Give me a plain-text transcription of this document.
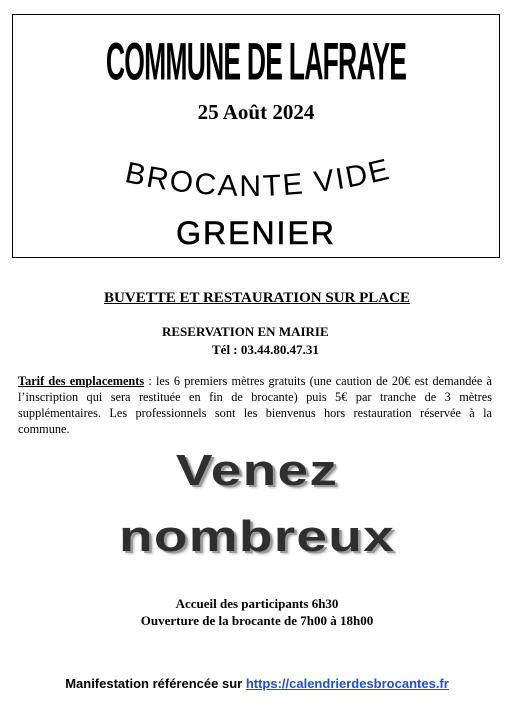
COMMUNE DE LAFRAYE
25 Août 2024
BROCANTE VIDE
GRENIER
BUVETTE ET RESTAURATION SUR PLACE
RESERVATION EN MAIRIE
Tél : 03.44.80.47.31
Tarif des emplacements : les 6 premiers mètres gratuits (une caution de 20€ est demandée à l’inscription qui sera restituée en fin de brocante) puis 5€ par tranche de 3 mètres supplémentaires. Les professionnels sont les bienvenus hors restauration réservée à la commune.
Venez
nombreux
Accueil des participants 6h30
Ouverture de la brocante de 7h00 à 18h00
Manifestation référencée sur https://calendrierdesbrocantes.fr
